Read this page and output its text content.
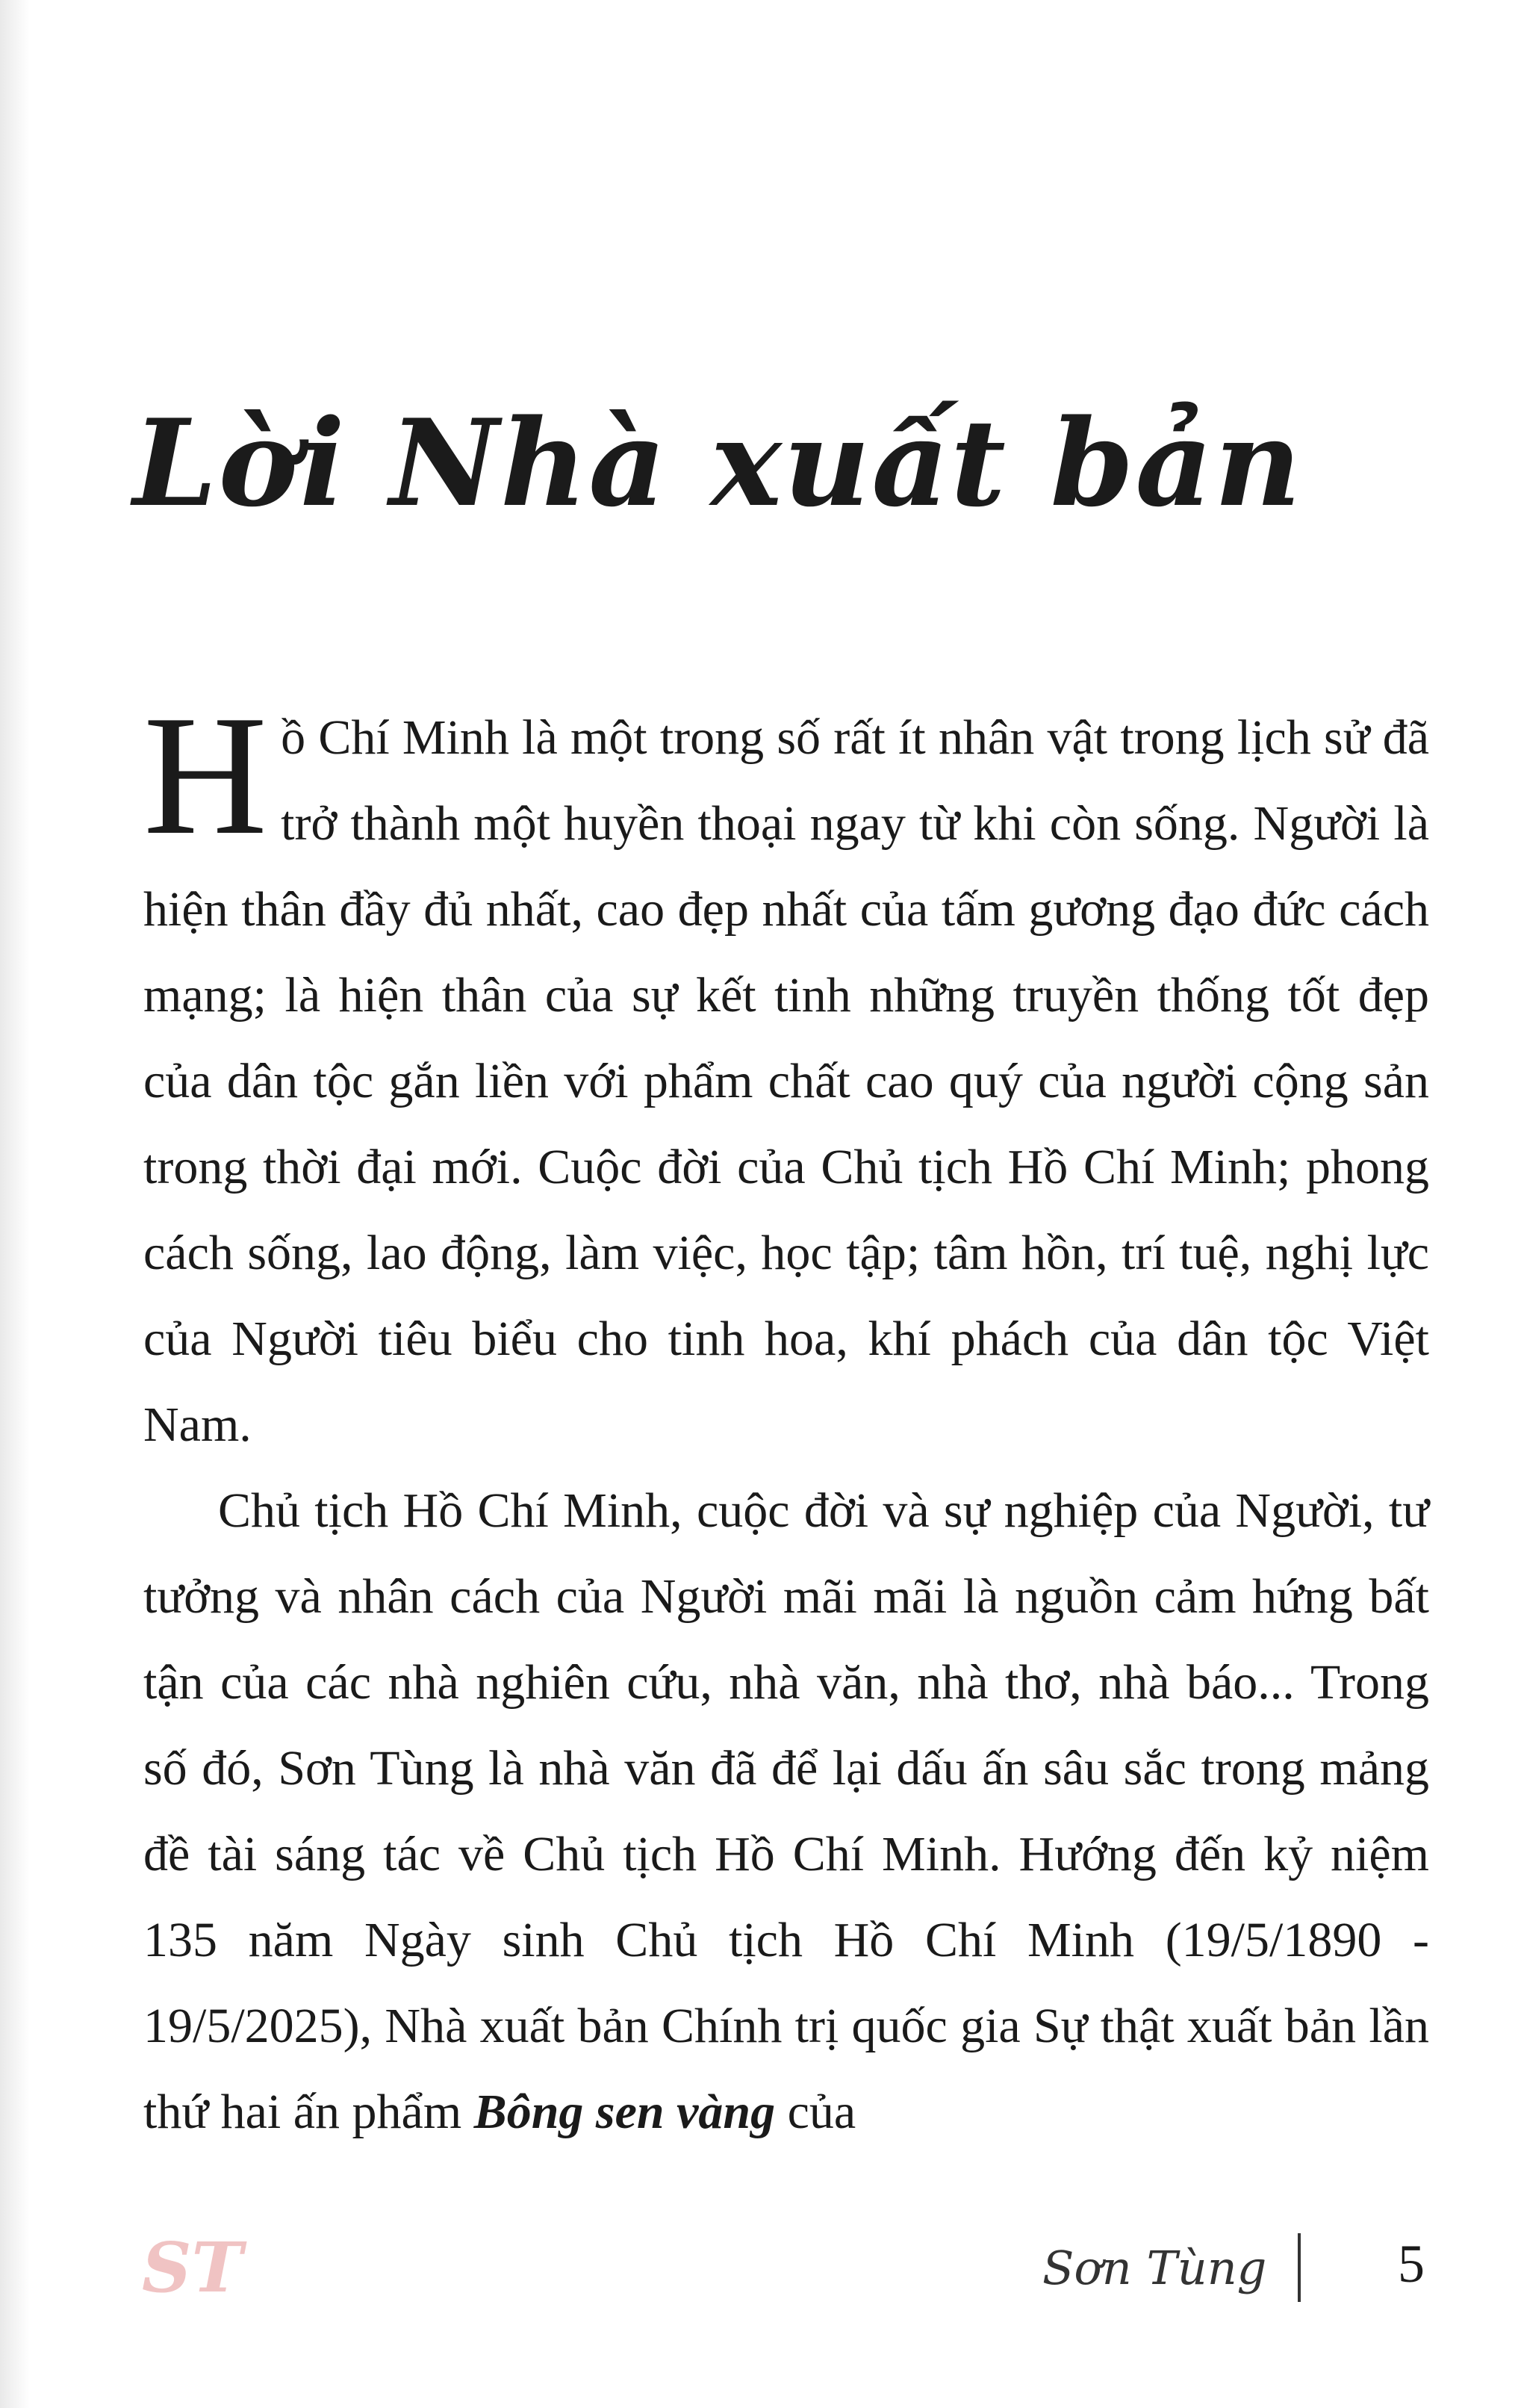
Lời Nhà xuất bản

Hồ Chí Minh là một trong số rất ít nhân vật trong lịch sử đã trở thành một huyền thoại ngay từ khi còn sống. Người là hiện thân đầy đủ nhất, cao đẹp nhất của tấm gương đạo đức cách mạng; là hiện thân của sự kết tinh những truyền thống tốt đẹp của dân tộc gắn liền với phẩm chất cao quý của người cộng sản trong thời đại mới. Cuộc đời của Chủ tịch Hồ Chí Minh; phong cách sống, lao động, làm việc, học tập; tâm hồn, trí tuệ, nghị lực của Người tiêu biểu cho tinh hoa, khí phách của dân tộc Việt Nam.

Chủ tịch Hồ Chí Minh, cuộc đời và sự nghiệp của Người, tư tưởng và nhân cách của Người mãi mãi là nguồn cảm hứng bất tận của các nhà nghiên cứu, nhà văn, nhà thơ, nhà báo... Trong số đó, Sơn Tùng là nhà văn đã để lại dấu ấn sâu sắc trong mảng đề tài sáng tác về Chủ tịch Hồ Chí Minh. Hướng đến kỷ niệm 135 năm Ngày sinh Chủ tịch Hồ Chí Minh (19/5/1890 - 19/5/2025), Nhà xuất bản Chính trị quốc gia Sự thật xuất bản lần thứ hai ấn phẩm Bông sen vàng của

ST	Sơn Tùng 5
